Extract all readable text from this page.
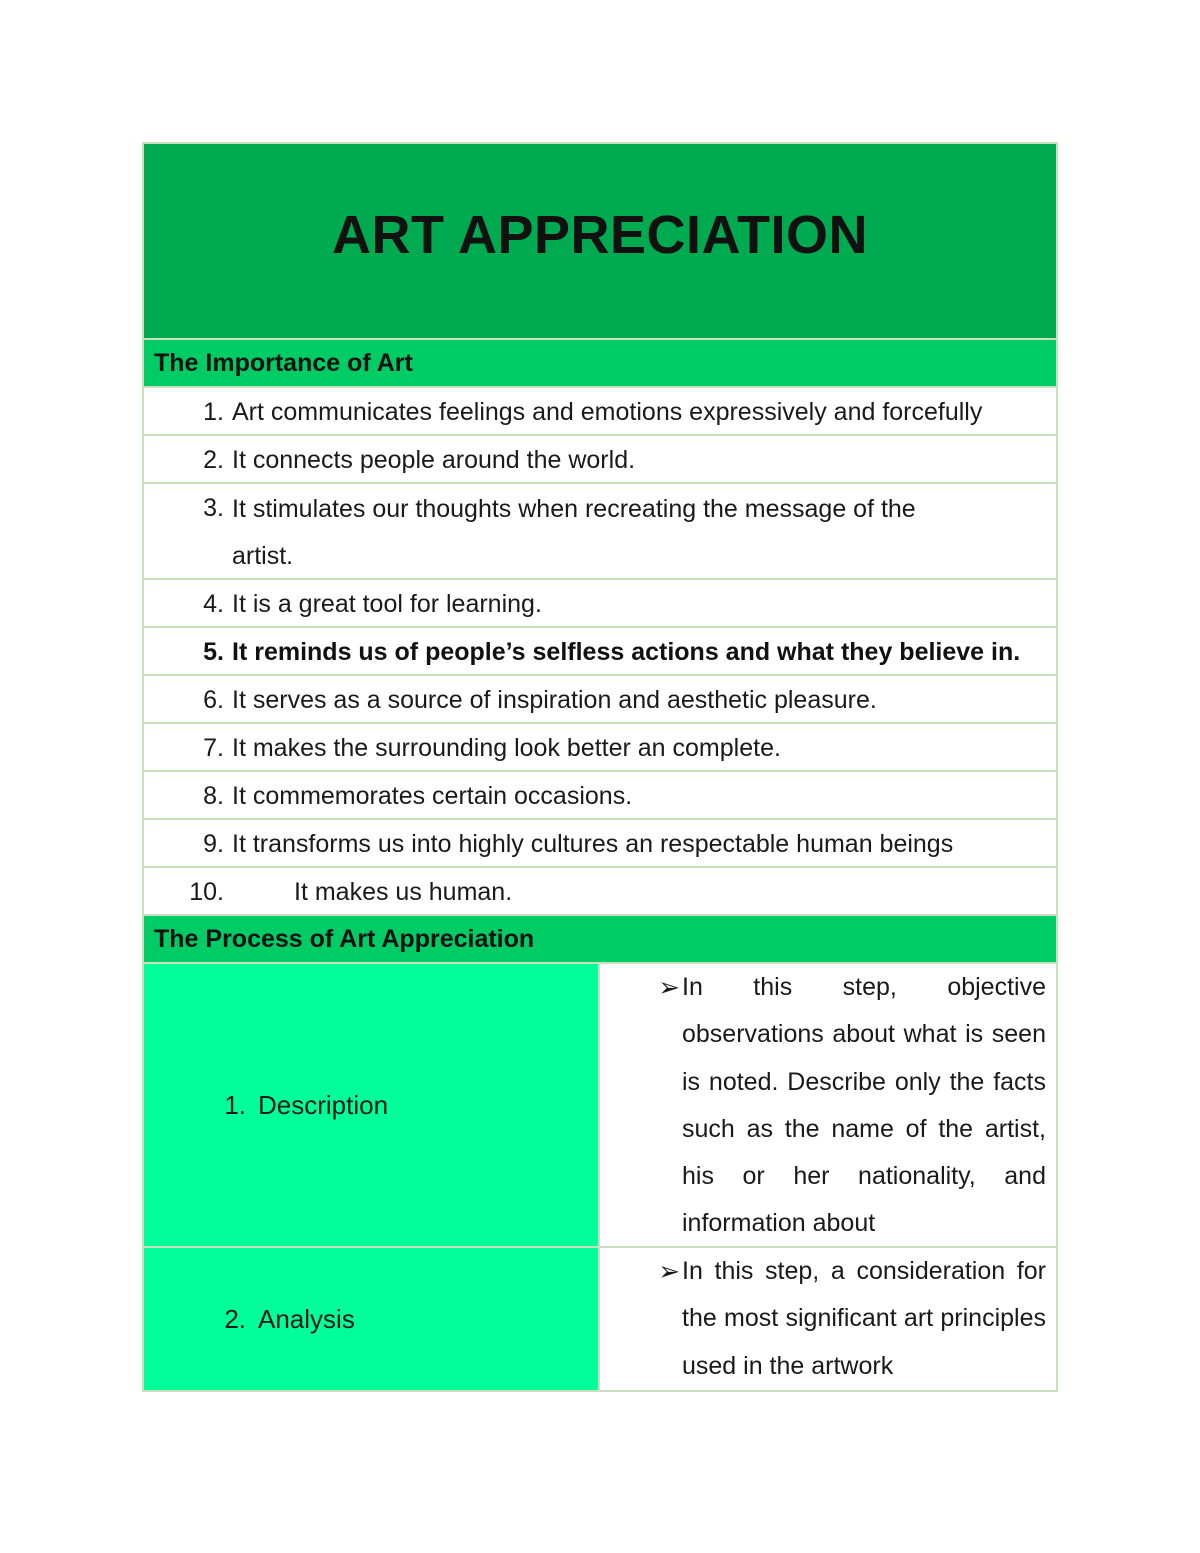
ART APPRECIATION
The Importance of Art
1. Art communicates feelings and emotions expressively and forcefully
2. It connects people around the world.
3. It stimulates our thoughts when recreating the message of the
artist.
4. It is a great tool for learning.
5. It reminds us of people’s selfless actions and what they believe in.
6. It serves as a source of inspiration and aesthetic pleasure.
7. It makes the surrounding look better an complete.
8. It commemorates certain occasions.
9. It transforms us into highly cultures an respectable human beings
10.	It makes us human.
The Process of Art Appreciation
1. Description
➢ In this step, objective observations about what is seen is noted. Describe only the facts such as the name of the artist, his or her nationality, and information about
2. Analysis
➢ In this step, a consideration for the most significant art principles used in the artwork
